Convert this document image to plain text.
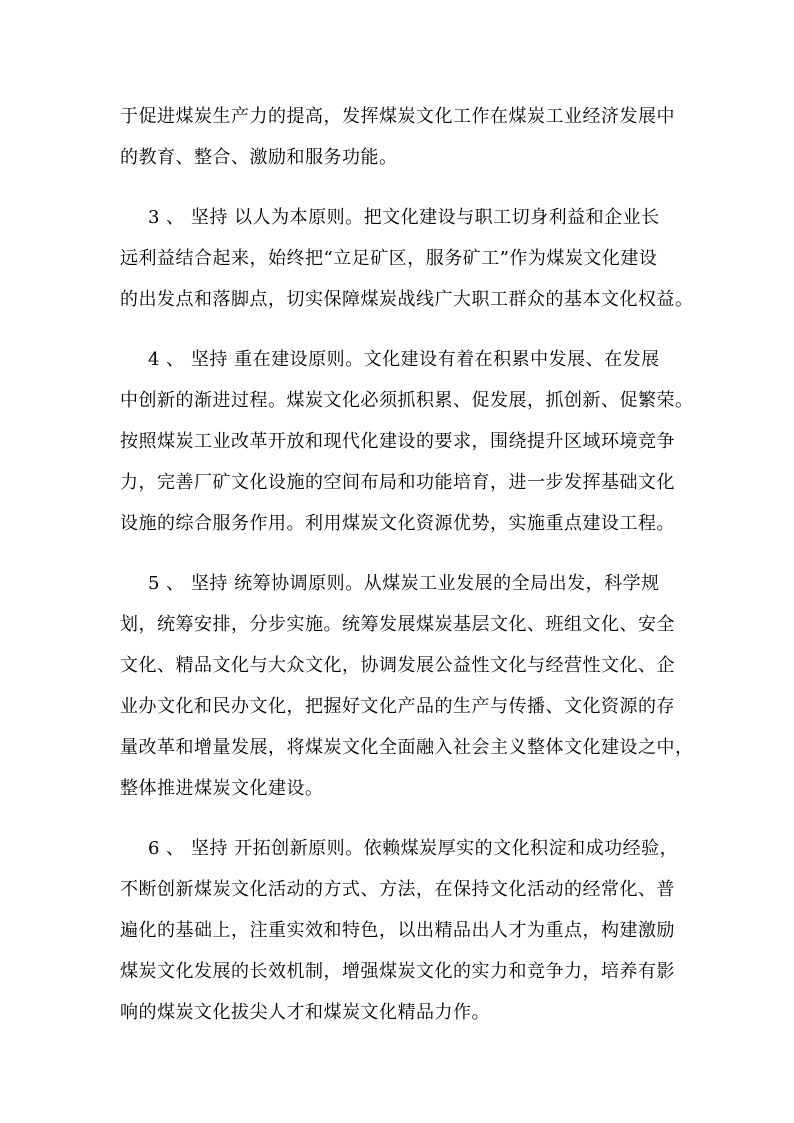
于促进煤炭生产力的提高，发挥煤炭文化工作在煤炭工业经济发展中
的教育、整合、激励和服务功能。
3 、 坚持 以人为本原则。把文化建设与职工切身利益和企业长
远利益结合起来，始终把“立足矿区，服务矿工”作为煤炭文化建设
的出发点和落脚点，切实保障煤炭战线广大职工群众的基本文化权益。
4 、 坚持 重在建设原则。文化建设有着在积累中发展、在发展
中创新的渐进过程。煤炭文化必须抓积累、促发展，抓创新、促繁荣。
按照煤炭工业改革开放和现代化建设的要求，围绕提升区域环境竞争
力，完善厂矿文化设施的空间布局和功能培育，进一步发挥基础文化
设施的综合服务作用。利用煤炭文化资源优势，实施重点建设工程。
5 、 坚持 统筹协调原则。从煤炭工业发展的全局出发，科学规
划，统筹安排，分步实施。统筹发展煤炭基层文化、班组文化、安全
文化、精品文化与大众文化，协调发展公益性文化与经营性文化、企
业办文化和民办文化，把握好文化产品的生产与传播、文化资源的存
量改革和增量发展，将煤炭文化全面融入社会主义整体文化建设之中，
整体推进煤炭文化建设。
6 、 坚持 开拓创新原则。依赖煤炭厚实的文化积淀和成功经验，
不断创新煤炭文化活动的方式、方法，在保持文化活动的经常化、普
遍化的基础上，注重实效和特色，以出精品出人才为重点，构建激励
煤炭文化发展的长效机制，增强煤炭文化的实力和竞争力，培养有影
响的煤炭文化拔尖人才和煤炭文化精品力作。
